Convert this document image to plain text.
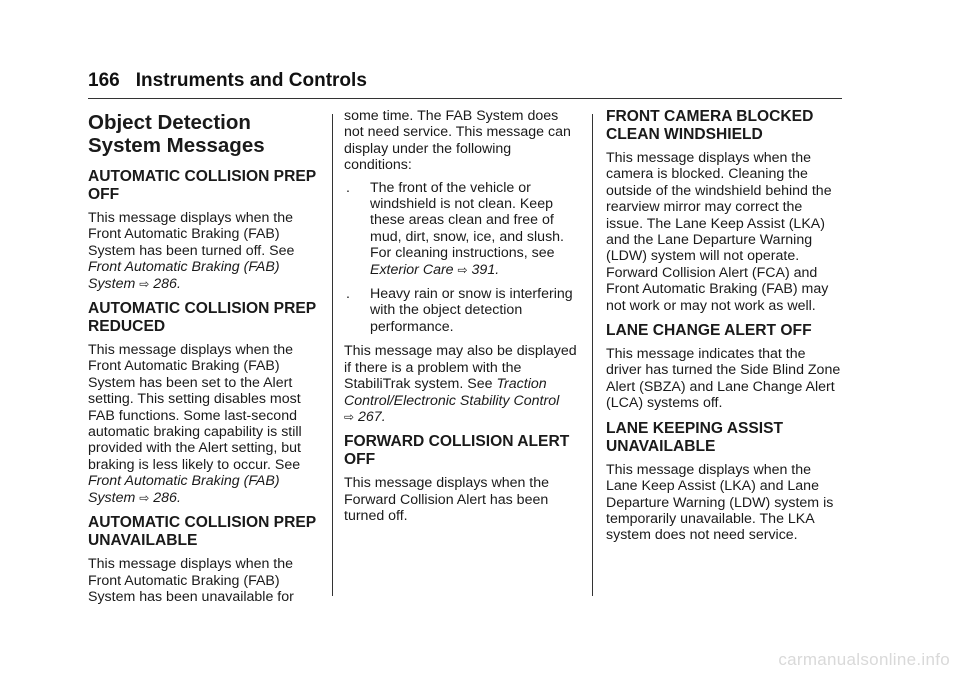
166 Instruments and Controls
Object Detection System Messages
AUTOMATIC COLLISION PREP OFF

This message displays when the Front Automatic Braking (FAB) System has been turned off. See Front Automatic Braking (FAB) System ⇨ 286.

AUTOMATIC COLLISION PREP REDUCED

This message displays when the Front Automatic Braking (FAB) System has been set to the Alert setting. This setting disables most FAB functions. Some last-second automatic braking capability is still provided with the Alert setting, but braking is less likely to occur. See Front Automatic Braking (FAB) System ⇨ 286.

AUTOMATIC COLLISION PREP UNAVAILABLE

This message displays when the Front Automatic Braking (FAB) System has been unavailable for

some time. The FAB System does not need service. This message can display under the following conditions:

. The front of the vehicle or windshield is not clean. Keep these areas clean and free of mud, dirt, snow, ice, and slush. For cleaning instructions, see Exterior Care ⇨ 391.
. Heavy rain or snow is interfering with the object detection performance.

This message may also be displayed if there is a problem with the StabiliTrak system. See Traction Control/Electronic Stability Control
⇨ 267.

FORWARD COLLISION ALERT OFF

This message displays when the Forward Collision Alert has been turned off.

FRONT CAMERA BLOCKED CLEAN WINDSHIELD

This message displays when the camera is blocked. Cleaning the outside of the windshield behind the rearview mirror may correct the issue. The Lane Keep Assist (LKA) and the Lane Departure Warning (LDW) system will not operate. Forward Collision Alert (FCA) and Front Automatic Braking (FAB) may not work or may not work as well.

LANE CHANGE ALERT OFF

This message indicates that the driver has turned the Side Blind Zone Alert (SBZA) and Lane Change Alert (LCA) systems off.

LANE KEEPING ASSIST UNAVAILABLE

This message displays when the Lane Keep Assist (LKA) and Lane Departure Warning (LDW) system is temporarily unavailable. The LKA system does not need service.

carmanualsonline.info
